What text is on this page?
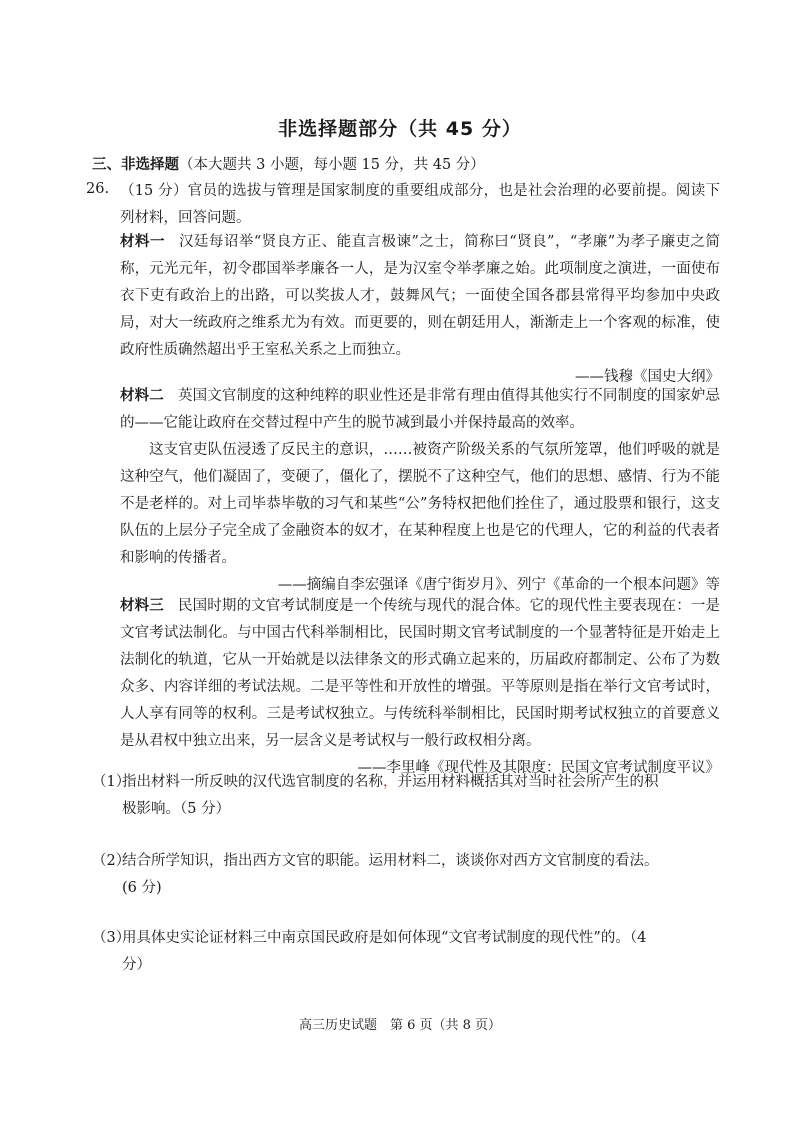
非选择题部分（共 45 分）
三、非选择题（本大题共 3 小题，每小题 15 分，共 45 分）
26. （15 分）官员的选拔与管理是国家制度的重要组成部分，也是社会治理的必要前提。阅读下列材料，回答问题。
材料一 汉廷每诏举“贤良方正、能直言极谏”之士，简称曰“贤良”，“孝廉”为孝子廉吏之简称，元光元年，初令郡国举孝廉各一人，是为汉室令举孝廉之始。此项制度之演进，一面使布衣下吏有政治上的出路，可以奖拔人才，鼓舞风气；一面使全国各郡县常得平均参加中央政局，对大一统政府之维系尤为有效。而更要的，则在朝廷用人，渐渐走上一个客观的标准，使政府性质确然超出乎王室私关系之上而独立。
——钱穆《国史大纲》
材料二 英国文官制度的这种纯粹的职业性还是非常有理由值得其他实行不同制度的国家妒忌的——它能让政府在交替过程中产生的脱节减到最小并保持最高的效率。
这支官吏队伍浸透了反民主的意识，……被资产阶级关系的气氛所笼罩，他们呼吸的就是这种空气，他们凝固了，变硬了，僵化了，摆脱不了这种空气，他们的思想、感情、行为不能不是老样的。对上司毕恭毕敬的习气和某些“公”务特权把他们拴住了，通过股票和银行，这支队伍的上层分子完全成了金融资本的奴才，在某种程度上也是它的代理人，它的利益的代表者和影响的传播者。
——摘编自李宏强译《唐宁街岁月》、列宁《革命的一个根本问题》等
材料三 民国时期的文官考试制度是一个传统与现代的混合体。它的现代性主要表现在：一是文官考试法制化。与中国古代科举制相比，民国时期文官考试制度的一个显著特征是开始走上法制化的轨道，它从一开始就是以法律条文的形式确立起来的，历届政府都制定、公布了为数众多、内容详细的考试法规。二是平等性和开放性的增强。平等原则是指在举行文官考试时，人人享有同等的权利。三是考试权独立。与传统科举制相比，民国时期考试权独立的首要意义是从君权中独立出来，另一层含义是考试权与一般行政权相分离。
——李里峰《现代性及其限度：民国文官考试制度平议》
（1）指出材料一所反映的汉代选官制度的名称，并运用材料概括其对当时社会所产生的积
极影响。（5 分）
（2）结合所学知识，指出西方文官的职能。运用材料二，谈谈你对西方文官制度的看法。
(6 分)
（3）用具体史实论证材料三中南京国民政府是如何体现“文官考试制度的现代性”的。（4
分）
高三历史试题　第 6 页（共 8 页）
